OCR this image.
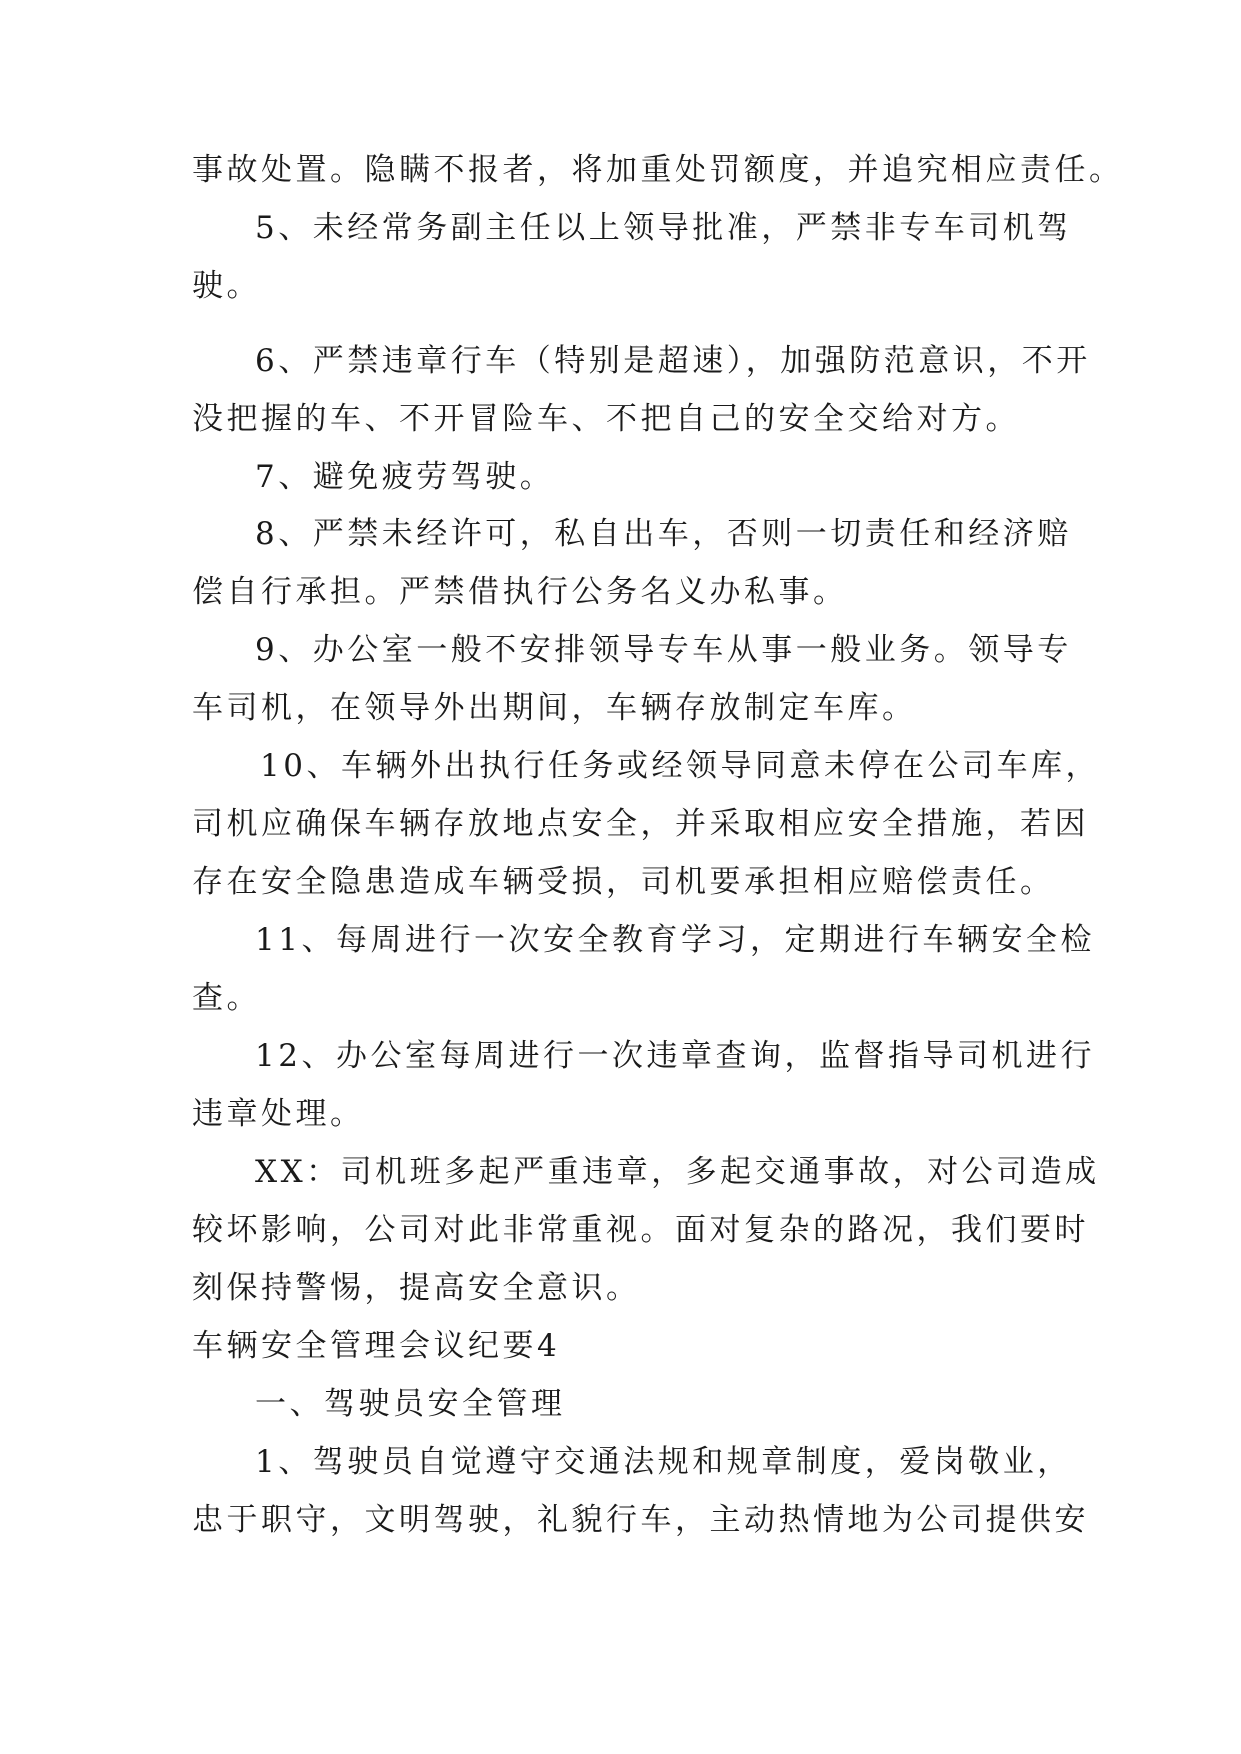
事故处置。隐瞒不报者，将加重处罚额度，并追究相应责任。
5、未经常务副主任以上领导批准，严禁非专车司机驾
驶。
6、严禁违章行车（特别是超速），加强防范意识，不开
没把握的车、不开冒险车、不把自己的安全交给对方。
7、避免疲劳驾驶。
8、严禁未经许可，私自出车，否则一切责任和经济赔
偿自行承担。严禁借执行公务名义办私事。
9、办公室一般不安排领导专车从事一般业务。领导专
车司机，在领导外出期间，车辆存放制定车库。
10、车辆外出执行任务或经领导同意未停在公司车库，
司机应确保车辆存放地点安全，并采取相应安全措施，若因
存在安全隐患造成车辆受损，司机要承担相应赔偿责任。
11、每周进行一次安全教育学习，定期进行车辆安全检
查。
12、办公室每周进行一次违章查询，监督指导司机进行
违章处理。
XX：司机班多起严重违章，多起交通事故，对公司造成
较坏影响，公司对此非常重视。面对复杂的路况，我们要时
刻保持警惕，提高安全意识。
车辆安全管理会议纪要4
一、驾驶员安全管理
1、驾驶员自觉遵守交通法规和规章制度，爱岗敬业，
忠于职守，文明驾驶，礼貌行车，主动热情地为公司提供安
